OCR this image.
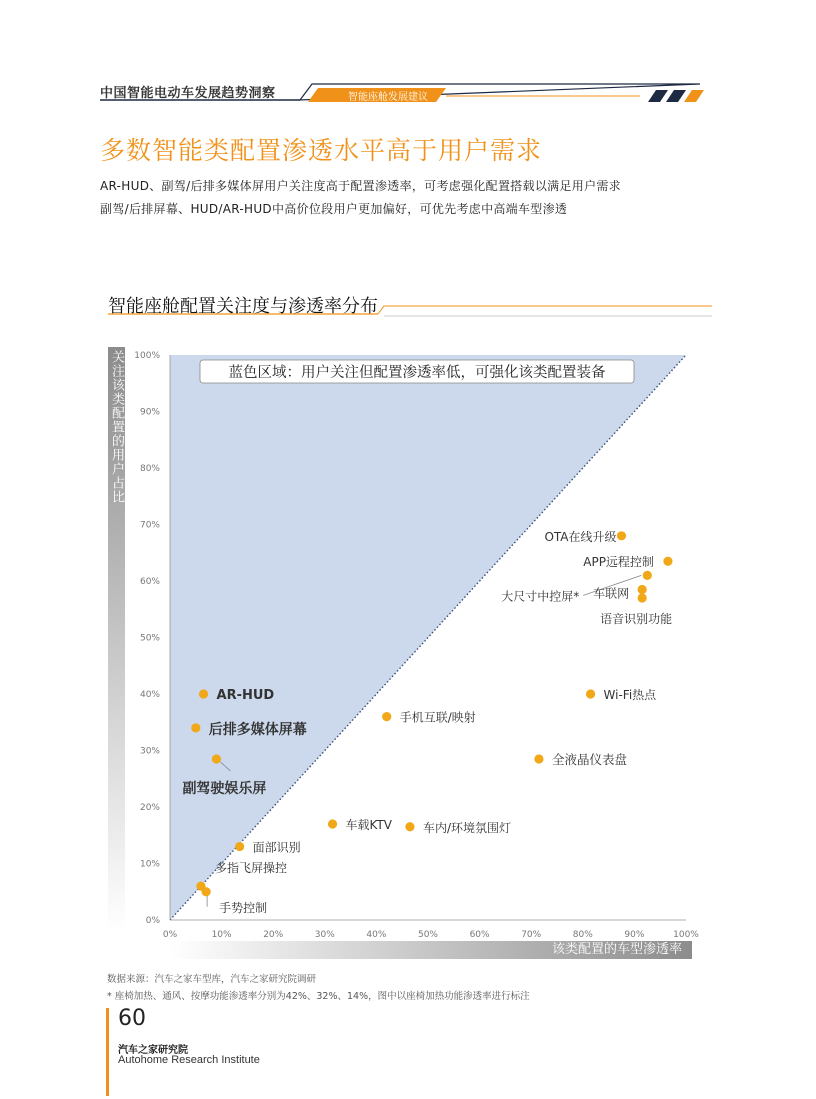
中国智能电动车发展趋势洞察	智能座舱发展建议
多数智能类配置渗透水平高于用户需求
AR-HUD、副驾/后排多媒体屏用户关注度高于配置渗透率，可考虑强化配置搭载以满足用户需求
副驾/后排屏幕、HUD/AR-HUD中高价位段用户更加偏好，可优先考虑中高端车型渗透
智能座舱配置关注度与渗透率分布
关注该类配置的用户占比
该类配置的车型渗透率
0%
10%
20%
30%
40%
50%
60%
70%
80%
90%
100%
0%	10%	20%	30%	40%	50%	60%	70%	80%	90%	100%
蓝色区域：用户关注但配置渗透率低，可强化该类配置装备
OTA在线升级
APP远程控制
大尺寸中控屏* 车联网
语音识别功能
Wi-Fi热点
AR-HUD
后排多媒体屏幕
副驾驶娱乐屏
手机互联/映射
全液晶仪表盘
车载KTV	车内/环境氛围灯
面部识别
多指飞屏操控
手势控制
数据来源：汽车之家车型库，汽车之家研究院调研
* 座椅加热、通风、按摩功能渗透率分别为42%、32%、14%，图中以座椅加热功能渗透率进行标注
60
汽车之家研究院
Autohome Research Institute
